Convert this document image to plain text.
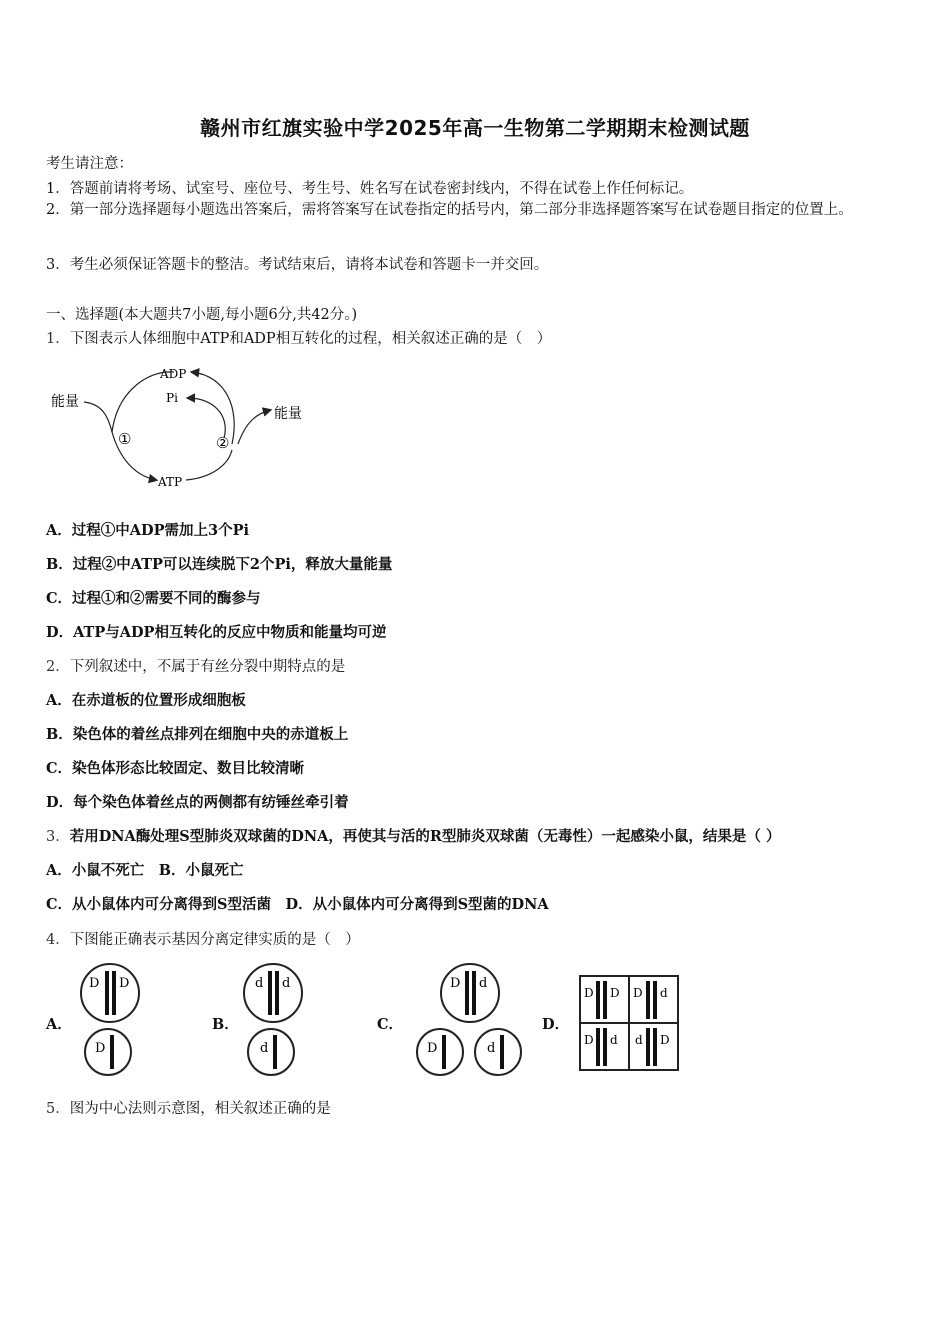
赣州市红旗实验中学2025年高一生物第二学期期末检测试题
考生请注意：
1．答题前请将考场、试室号、座位号、考生号、姓名写在试卷密封线内，不得在试卷上作任何标记。
2．第一部分选择题每小题选出答案后，需将答案写在试卷指定的括号内，第二部分非选择题答案写在试卷题目指定的位置上。
3．考生必须保证答题卡的整洁。考试结束后，请将本试卷和答题卡一并交回。
一、选择题(本大题共7小题,每小题6分,共42分。)
1．下图表示人体细胞中ATP和ADP相互转化的过程，相关叙述正确的是（　）
能量
ADP
Pi
ATP
能量
①	②
A．过程①中ADP需加上3个Pi
B．过程②中ATP可以连续脱下2个Pi，释放大量能量
C．过程①和②需要不同的酶参与
D．ATP与ADP相互转化的反应中物质和能量均可逆
2．下列叙述中，不属于有丝分裂中期特点的是
A．在赤道板的位置形成细胞板
B．染色体的着丝点排列在细胞中央的赤道板上
C．染色体形态比较固定、数目比较清晰
D．每个染色体着丝点的两侧都有纺锤丝牵引着
3．若用DNA酶处理S型肺炎双球菌的DNA，再使其与活的R型肺炎双球菌（无毒性）一起感染小鼠，结果是（ ）
A．小鼠不死亡　B．小鼠死亡
C．从小鼠体内可分离得到S型活菌　D．从小鼠体内可分离得到S型菌的DNA
4．下图能正确表示基因分离定律实质的是（　）
A．	B．	C．	D．
D D
D
d d
d
D d
D	d
D D D d
D d d D
5．图为中心法则示意图，相关叙述正确的是
